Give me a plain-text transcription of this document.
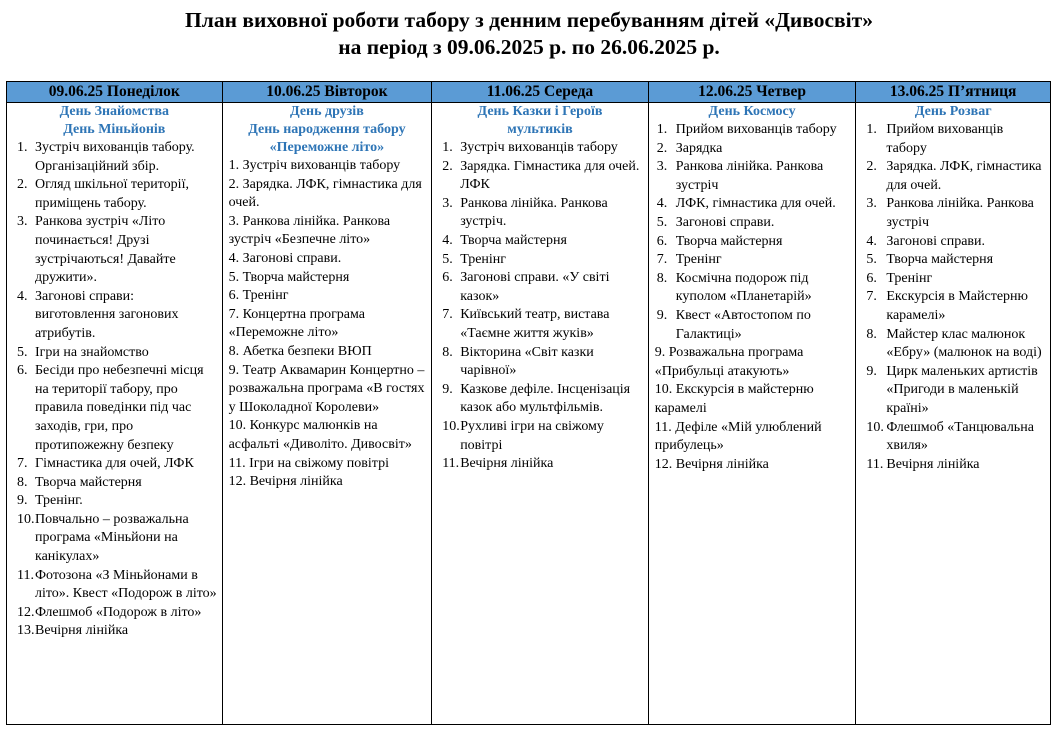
План виховної роботи табору з денним перебуванням дітей «Дивосвіт»
на період з 09.06.2025 р. по 26.06.2025 р.
09.06.25 Понеділок
День Знайомства
День Міньйонів
1. Зустріч вихованців табору. Організаційний збір.
2. Огляд шкільної території, приміщень табору.
3. Ранкова зустріч «Літо починається! Друзі зустрічаються! Давайте дружити».
4. Загонові справи: виготовлення загонових атрибутів.
5. Ігри на знайомство
6. Бесіди про небезпечні місця на території табору, про правила поведінки під час заходів, гри, про протипожежну безпеку
7. Гімнастика для очей, ЛФК
8. Творча майстерня
9. Тренінг.
10. Повчально – розважальна програма «Міньйони на канікулах»
11. Фотозона «З Міньйонами в літо». Квест «Подорож в літо»
12. Флешмоб «Подорож в літо»
13. Вечірня лінійка
10.06.25 Вівторок
День друзів
День народження табору
«Переможне літо»
1. Зустріч вихованців табору
2. Зарядка. ЛФК, гімнастика для очей.
3. Ранкова лінійка. Ранкова зустріч «Безпечне літо»
4. Загонові справи.
5. Творча майстерня
6. Тренінг
7. Концертна програма «Переможне літо»
8. Абетка безпеки ВЮП
9. Театр Аквамарин Концертно – розважальна програма «В гостях у Шоколадної Королеви»
10. Конкурс малюнків на асфальті «Диволіто. Дивосвіт»
11. Ігри на свіжому повітрі
12. Вечірня лінійка
11.06.25 Середа
День Казки і Героїв
мультиків
1. Зустріч вихованців табору
2. Зарядка. Гімнастика для очей. ЛФК
3. Ранкова лінійка. Ранкова зустріч.
4. Творча майстерня
5. Тренінг
6. Загонові справи. «У світі казок»
7. Київський театр, вистава «Таємне життя жуків»
8. Вікторина «Світ казки чарівної»
9. Казкове дефіле. Інсценізація казок або мультфільмів.
10. Рухливі ігри на свіжому повітрі
11. Вечірня лінійка
12.06.25 Четвер
День Космосу
1. Прийом вихованців табору
2. Зарядка
3. Ранкова лінійка. Ранкова зустріч
4. ЛФК, гімнастика для очей.
5. Загонові справи.
6. Творча майстерня
7. Тренінг
8. Космічна подорож під куполом «Планетарій»
9. Квест «Автостопом по Галактиці»
9. Розважальна програма «Прибульці атакують»
10. Екскурсія в майстерню карамелі
11. Дефіле «Мій улюблений прибулець»
12. Вечірня лінійка
13.06.25 П’ятниця
День Розваг
1. Прийом вихованців табору
2. Зарядка. ЛФК, гімнастика для очей.
3. Ранкова лінійка. Ранкова зустріч
4. Загонові справи.
5. Творча майстерня
6. Тренінг
7. Екскурсія в Майстерню карамелі»
8. Майстер клас малюнок «Ебру» (малюнок на воді)
9. Цирк маленьких артистів «Пригоди в маленькій країні»
10. Флешмоб «Танцювальна хвиля»
11. Вечірня лінійка
